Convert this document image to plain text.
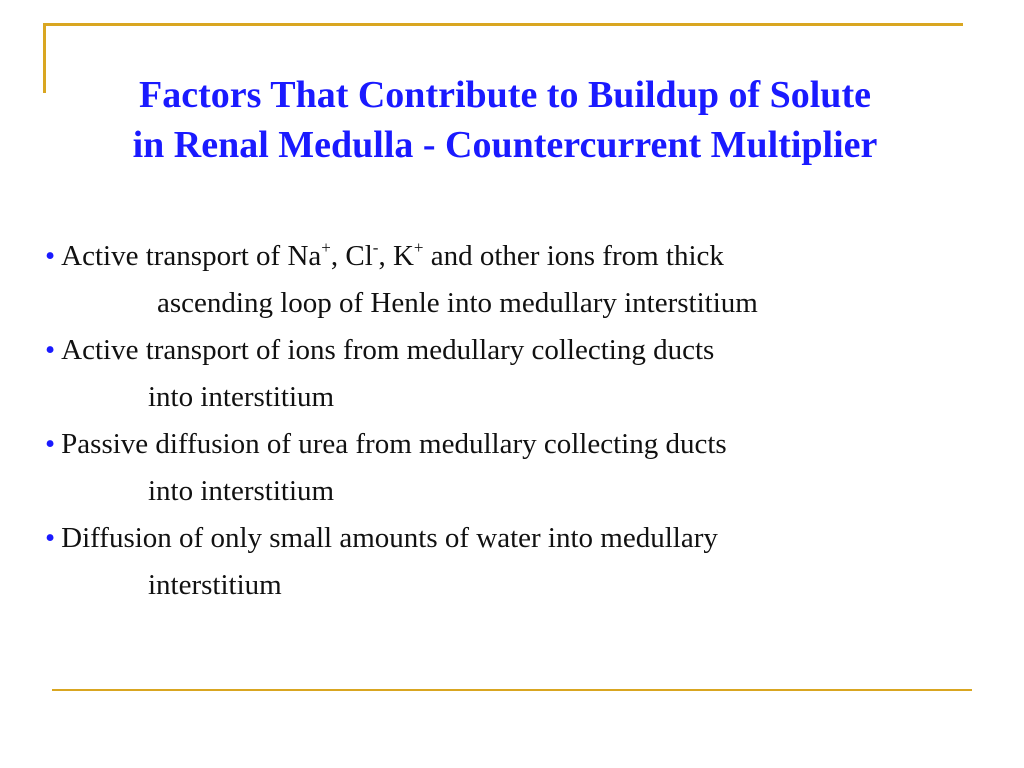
Factors That Contribute to Buildup of Solute
in Renal Medulla - Countercurrent Multiplier
• Active transport of Na+, Cl-, K+ and other ions from thick
ascending loop of Henle into medullary interstitium
• Active transport of ions from medullary collecting ducts
into interstitium
• Passive diffusion of urea from medullary collecting ducts
into interstitium
• Diffusion of only small amounts of water into medullary
interstitium
